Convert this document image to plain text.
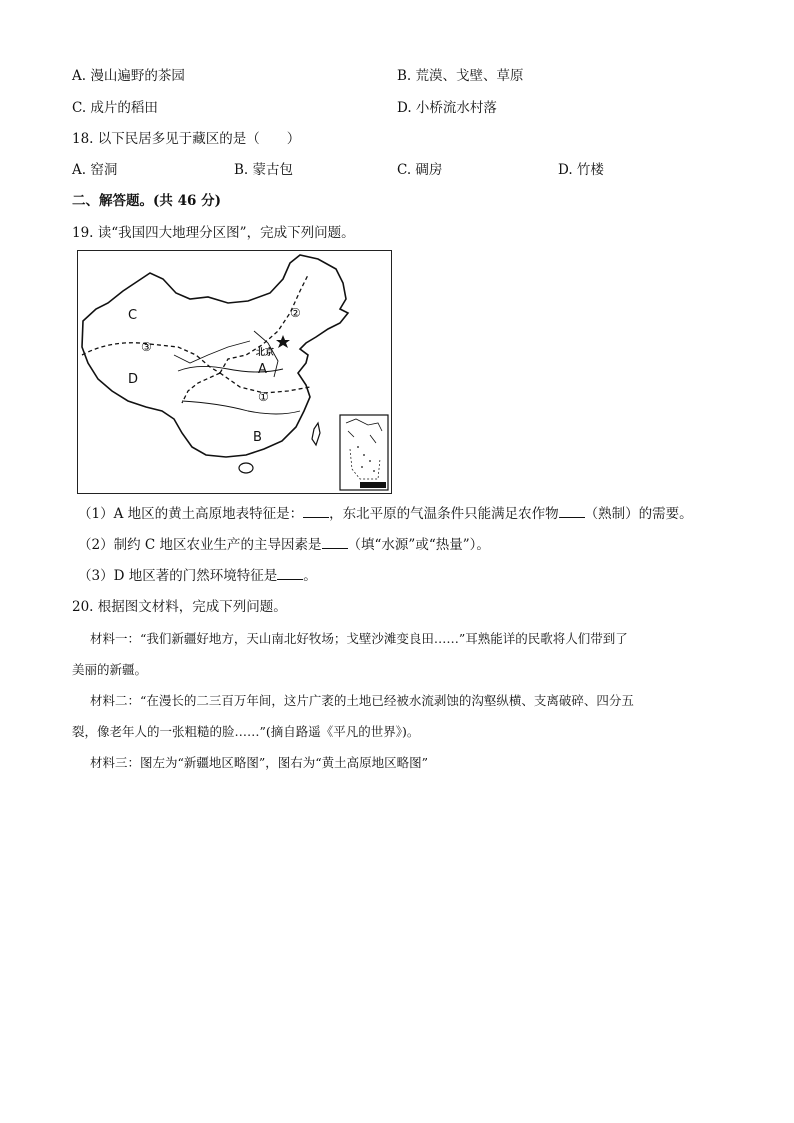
A. 漫山遍野的茶园	B. 荒漠、戈壁、草原
C. 成片的稻田	D. 小桥流水村落
18. 以下民居多见于藏区的是（　　）
A. 窑洞	B. 蒙古包	C. 碉房	D. 竹楼
二、解答题。(共 46 分)
19. 读“我国四大地理分区图”，完成下列问题。
C
D
A
B
③
②
①
北京
（1）A 地区的黄土高原地表特征是： ，东北平原的气温条件只能满足农作物 （熟制）的需要。
（2）制约 C 地区农业生产的主导因素是 （填“水源”或“热量”）。
（3）D 地区著的门然环境特征是 。
20. 根据图文材料，完成下列问题。
材料一：“我们新疆好地方，天山南北好牧场；戈壁沙滩变良田……”耳熟能详的民歌将人们带到了
美丽的新疆。
材料二：“在漫长的二三百万年间，这片广袤的土地已经被水流剥蚀的沟壑纵横、支离破碎、四分五
裂，像老年人的一张粗糙的脸……”(摘自路遥《平凡的世界》)。
材料三：图左为“新疆地区略图”，图右为“黄土高原地区略图”
